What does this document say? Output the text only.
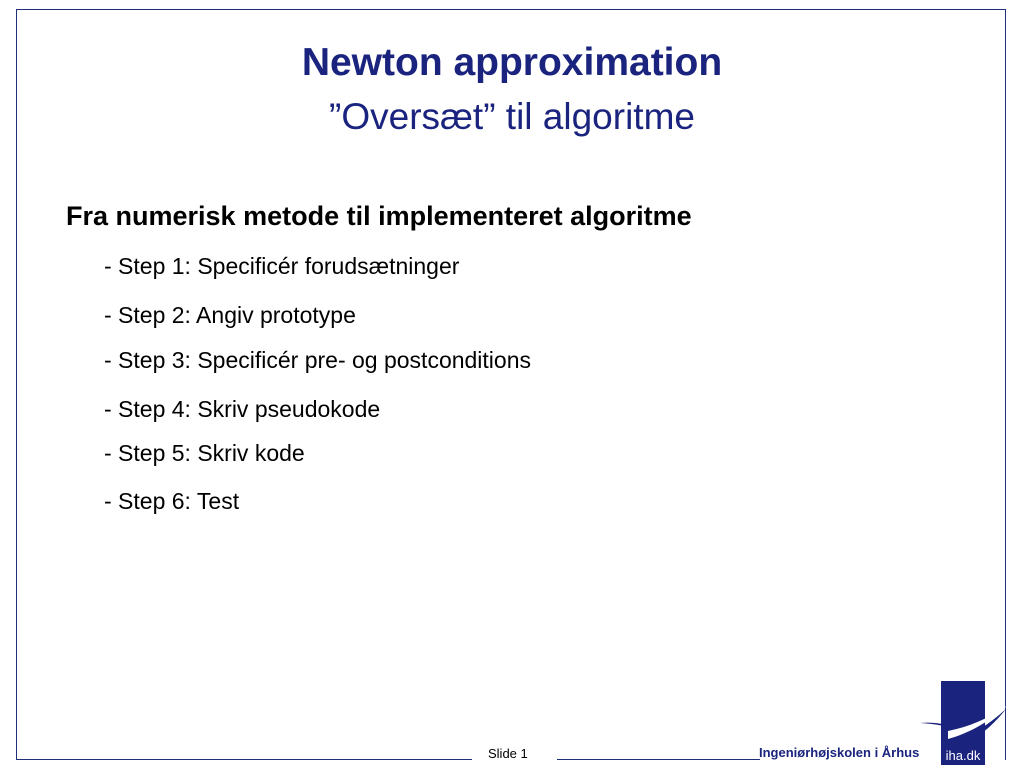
Newton approximation
”Oversæt” til algoritme
Fra numerisk metode til implementeret algoritme
- Step 1: Specificér forudsætninger
- Step 2: Angiv prototype
- Step 3: Specificér pre- og postconditions
- Step 4: Skriv pseudokode
- Step 5: Skriv kode
- Step 6: Test
Slide 1	Ingeniørhøjskolen i Århus iha.dk
